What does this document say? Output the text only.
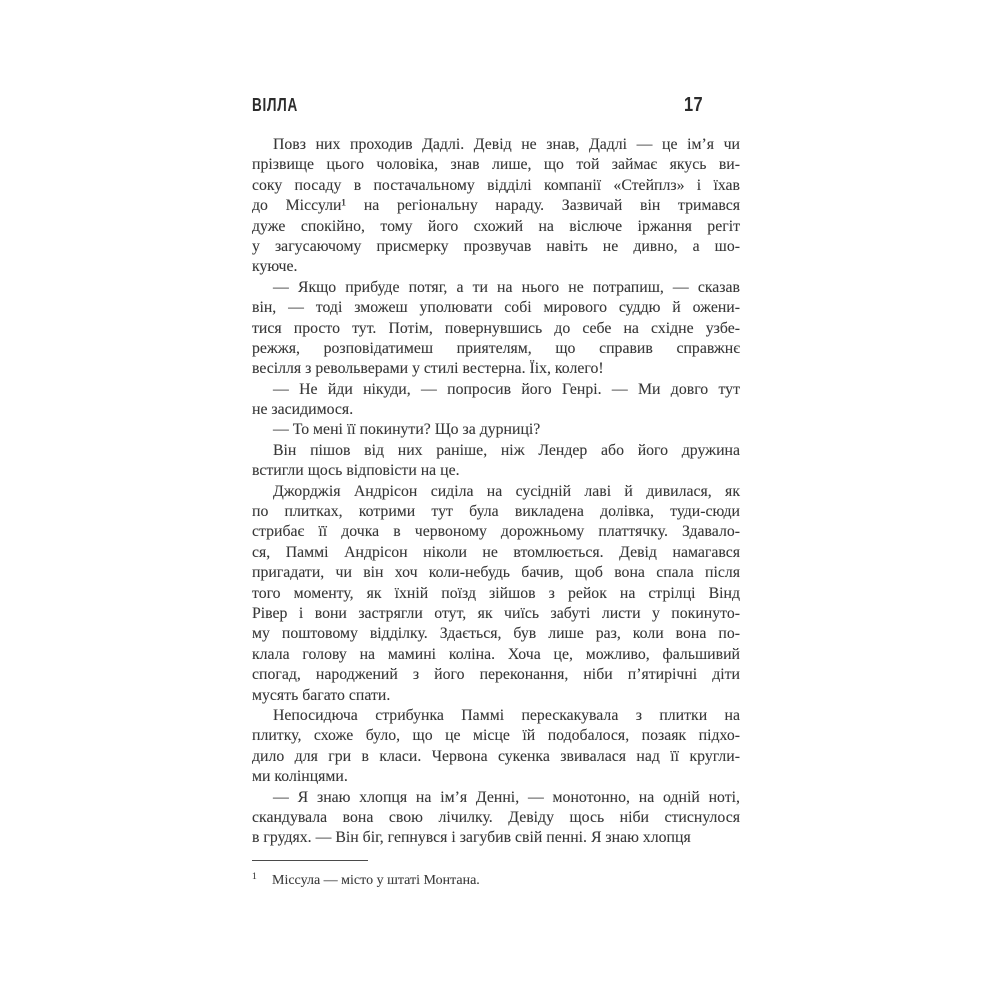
ВІЛЛА	17
Повз них проходив Дадлі. Девід не знав, Дадлі — це ім’я чи
прізвище цього чоловіка, знав лише, що той займає якусь ви-
соку посаду в постачальному відділі компанії «Стейплз» і їхав
до Міссули¹ на регіональну нараду. Зазвичай він тримався
дуже спокійно, тому його схожий на віслюче іржання регіт
у загусаючому присмерку прозвучав навіть не дивно, а шо-
куюче.
— Якщо прибуде потяг, а ти на нього не потрапиш, — сказав
він, — тоді зможеш уполювати собі мирового суддю й ожени-
тися просто тут. Потім, повернувшись до себе на східне узбе-
режжя, розповідатимеш приятелям, що справив справжнє
весілля з револьверами у стилі вестерна. Їіх, колего!
— Не йди нікуди, — попросив його Генрі. — Ми довго тут
не засидимося.
— То мені її покинути? Що за дурниці?
Він пішов від них раніше, ніж Лендер або його дружина
встигли щось відповісти на це.
Джорджія Андрісон сиділа на сусідній лаві й дивилася, як
по плитках, котрими тут була викладена долівка, туди-сюди
стрибає її дочка в червоному дорожньому платтячку. Здавало-
ся, Паммі Андрісон ніколи не втомлюється. Девід намагався
пригадати, чи він хоч коли-небудь бачив, щоб вона спала після
того моменту, як їхній поїзд зійшов з рейок на стрілці Вінд
Рівер і вони застрягли отут, як чиїсь забуті листи у покинуто-
му поштовому відділку. Здається, був лише раз, коли вона по-
клала голову на мамині коліна. Хоча це, можливо, фальшивий
спогад, народжений з його переконання, ніби п’ятирічні діти
мусять багато спати.
Непосидюча стрибунка Паммі перескакувала з плитки на
плитку, схоже було, що це місце їй подобалося, позаяк підхо-
дило для гри в класи. Червона сукенка звивалася над її кругли-
ми колінцями.
— Я знаю хлопця на ім’я Денні, — монотонно, на одній ноті,
скандувала вона свою лічилку. Девіду щось ніби стиснулося
в грудях. — Він біг, гепнувся і загубив свій пенні. Я знаю хлопця
1 Міссула — місто у штаті Монтана.
